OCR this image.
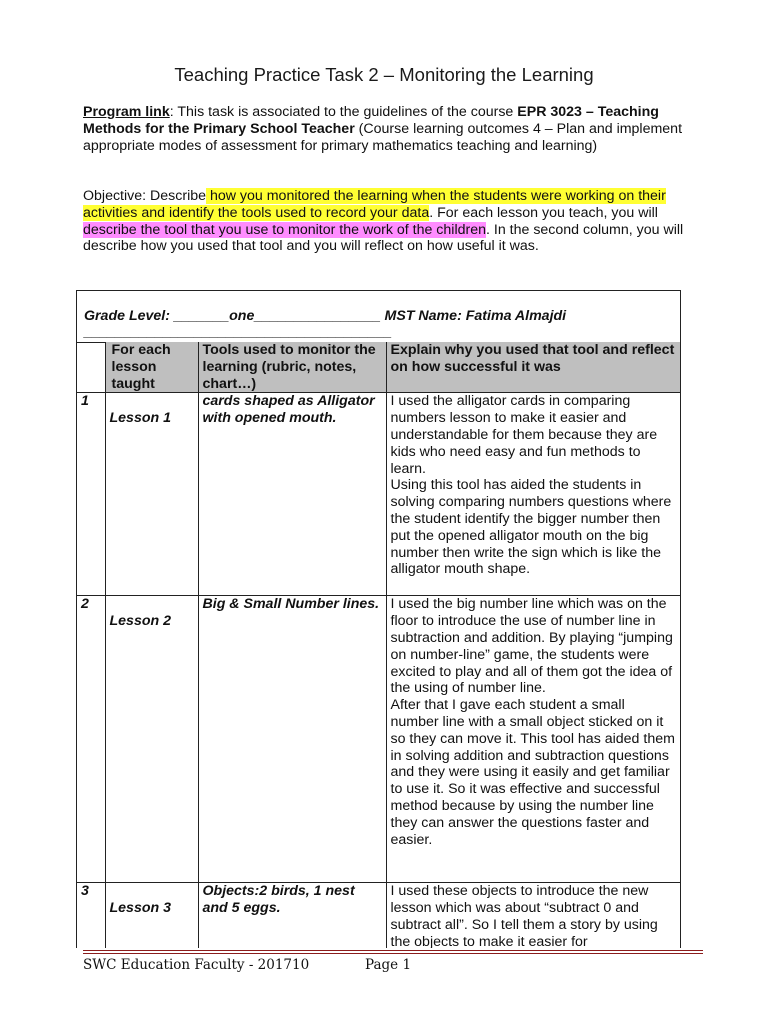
Teaching Practice Task 2 – Monitoring the Learning
Program link: This task is associated to the guidelines of the course EPR 3023 – Teaching Methods for the Primary School Teacher (Course learning outcomes 4 – Plan and implement appropriate modes of assessment for primary mathematics teaching and learning)
Objective: Describe how you monitored the learning when the students were working on their activities and identify the tools used to record your data. For each lesson you teach, you will describe the tool that you use to monitor the work of the children. In the second column, you will describe how you used that tool and you will reflect on how useful it was.
Grade Level: _______one________________ MST Name: Fatima Almajdi
_______________________________________
	For each lesson taught	Tools used to monitor the learning (rubric, notes, chart…)	Explain why you used that tool and reflect on how successful it was
1	Lesson 1	cards shaped as Alligator with opened mouth.	I used the alligator cards in comparing numbers lesson to make it easier and understandable for them because they are kids who need easy and fun methods to learn.
Using this tool has aided the students in solving comparing numbers questions where the student identify the bigger number then put the opened alligator mouth on the big number then write the sign which is like the alligator mouth shape.
2	Lesson 2	Big & Small Number lines.	I used the big number line which was on the floor to introduce the use of number line in subtraction and addition. By playing “jumping on number-line” game, the students were excited to play and all of them got the idea of the using of number line.
After that I gave each student a small number line with a small object sticked on it so they can move it. This tool has aided them in solving addition and subtraction questions and they were using it easily and get familiar to use it. So it was effective and successful method because by using the number line they can answer the questions faster and easier.
3	Lesson 3	Objects:2 birds, 1 nest and 5 eggs.	I used these objects to introduce the new lesson which was about “subtract 0 and subtract all”. So I tell them a story by using the objects to make it easier for
SWC Education Faculty - 201710	Page 1
